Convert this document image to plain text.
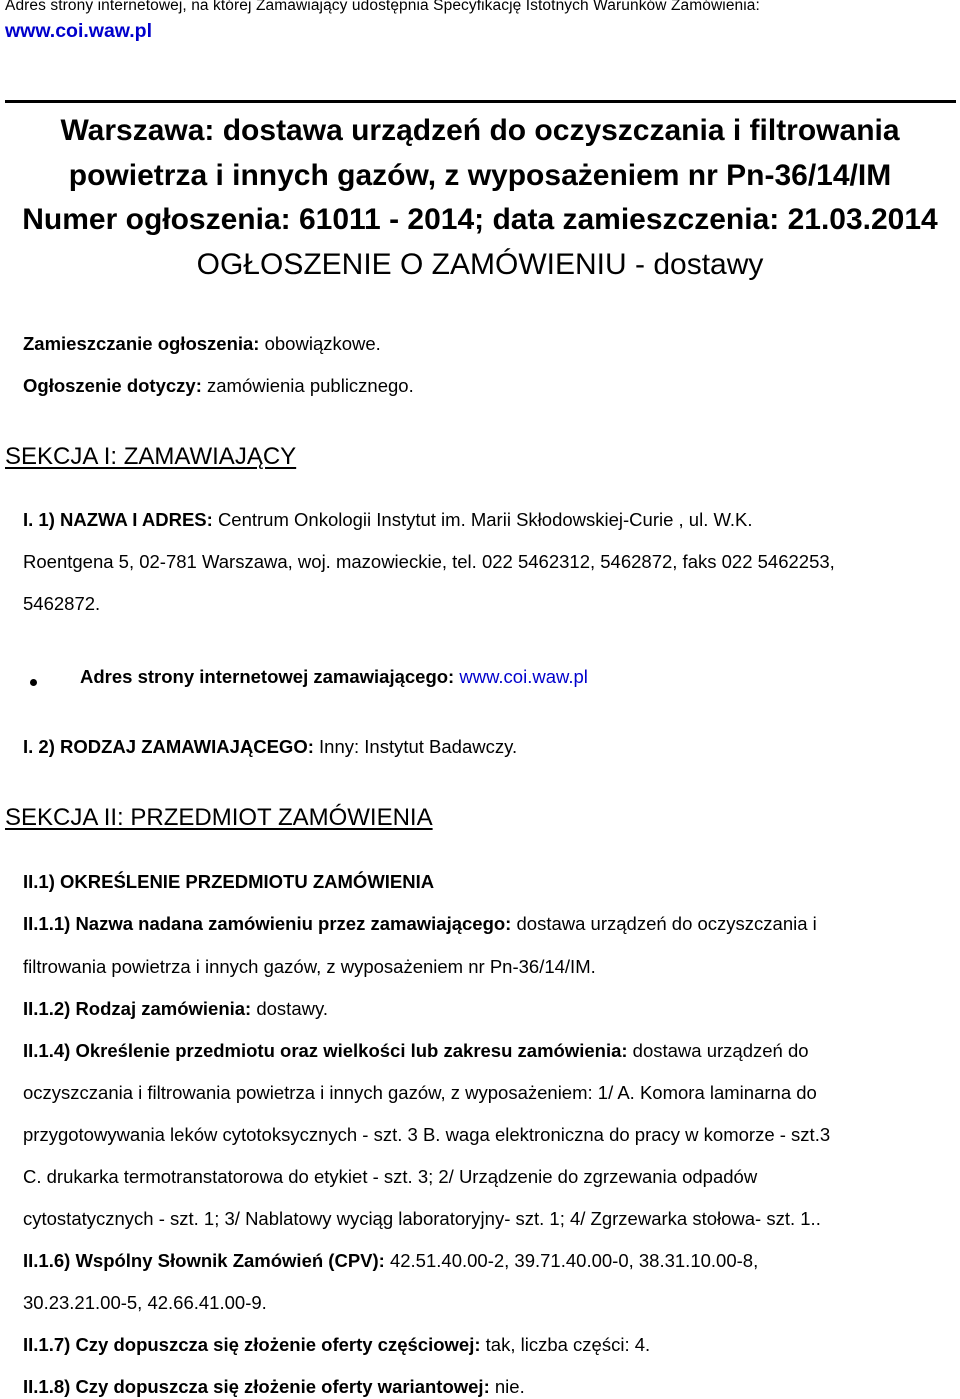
Adres strony internetowej, na której Zamawiający udostępnia Specyfikację Istotnych Warunków Zamówienia:
www.coi.waw.pl
Warszawa: dostawa urządzeń do oczyszczania i filtrowania
powietrza i innych gazów, z wyposażeniem nr Pn-36/14/IM
Numer ogłoszenia: 61011 - 2014; data zamieszczenia: 21.03.2014
OGŁOSZENIE O ZAMÓWIENIU - dostawy
Zamieszczanie ogłoszenia: obowiązkowe.
Ogłoszenie dotyczy: zamówienia publicznego.
SEKCJA I: ZAMAWIAJĄCY
I. 1) NAZWA I ADRES: Centrum Onkologii Instytut im. Marii Skłodowskiej-Curie , ul. W.K.
Roentgena 5, 02-781 Warszawa, woj. mazowieckie, tel. 022 5462312, 5462872, faks 022 5462253,
5462872.
Adres strony internetowej zamawiającego: www.coi.waw.pl
I. 2) RODZAJ ZAMAWIAJĄCEGO: Inny: Instytut Badawczy.
SEKCJA II: PRZEDMIOT ZAMÓWIENIA
II.1) OKREŚLENIE PRZEDMIOTU ZAMÓWIENIA
II.1.1) Nazwa nadana zamówieniu przez zamawiającego: dostawa urządzeń do oczyszczania i
filtrowania powietrza i innych gazów, z wyposażeniem nr Pn-36/14/IM.
II.1.2) Rodzaj zamówienia: dostawy.
II.1.4) Określenie przedmiotu oraz wielkości lub zakresu zamówienia: dostawa urządzeń do
oczyszczania i filtrowania powietrza i innych gazów, z wyposażeniem: 1/ A. Komora laminarna do
przygotowywania leków cytotoksycznych - szt. 3 B. waga elektroniczna do pracy w komorze - szt.3
C. drukarka termotranstatorowa do etykiet - szt. 3; 2/ Urządzenie do zgrzewania odpadów
cytostatycznych - szt. 1; 3/ Nablatowy wyciąg laboratoryjny- szt. 1; 4/ Zgrzewarka stołowa- szt. 1..
II.1.6) Wspólny Słownik Zamówień (CPV): 42.51.40.00-2, 39.71.40.00-0, 38.31.10.00-8,
30.23.21.00-5, 42.66.41.00-9.
II.1.7) Czy dopuszcza się złożenie oferty częściowej: tak, liczba części: 4.
II.1.8) Czy dopuszcza się złożenie oferty wariantowej: nie.
